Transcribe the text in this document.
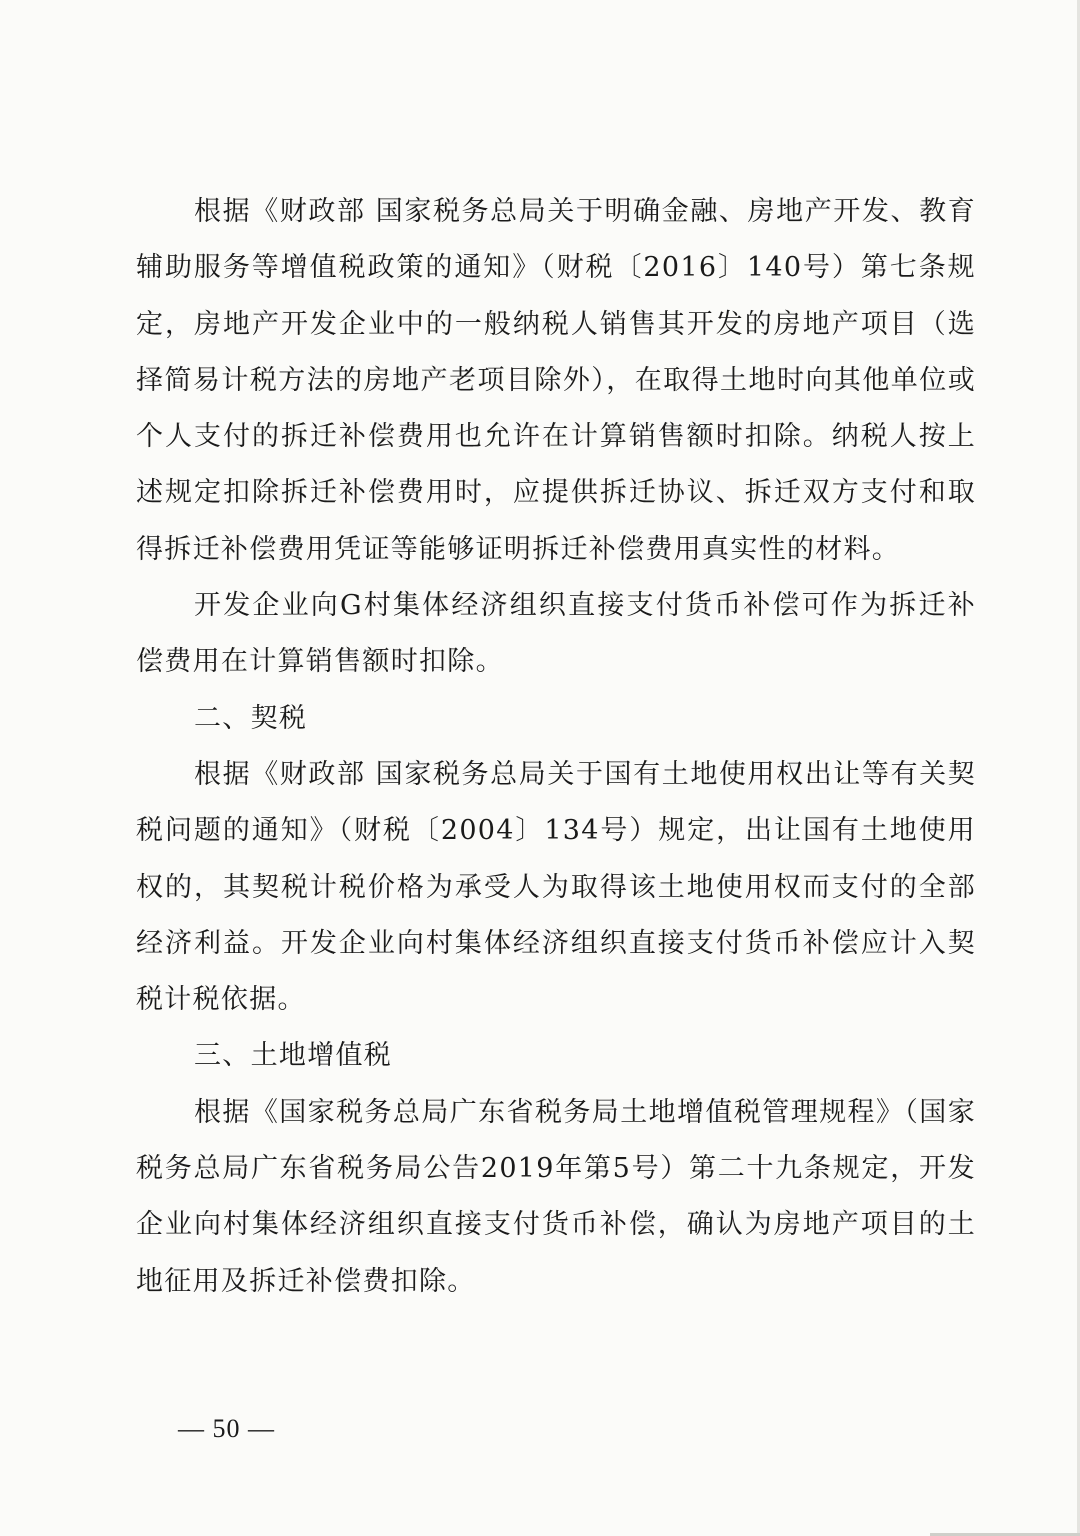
根据《财政部 国家税务总局关于明确金融、房地产开发、教育辅助服务等增值税政策的通知》（财税〔2016〕140号）第七条规定，房地产开发企业中的一般纳税人销售其开发的房地产项目（选择简易计税方法的房地产老项目除外），在取得土地时向其他单位或个人支付的拆迁补偿费用也允许在计算销售额时扣除。纳税人按上述规定扣除拆迁补偿费用时，应提供拆迁协议、拆迁双方支付和取得拆迁补偿费用凭证等能够证明拆迁补偿费用真实性的材料。

开发企业向G村集体经济组织直接支付货币补偿可作为拆迁补偿费用在计算销售额时扣除。

二、契税

根据《财政部 国家税务总局关于国有土地使用权出让等有关契税问题的通知》（财税〔2004〕134号）规定，出让国有土地使用权的，其契税计税价格为承受人为取得该土地使用权而支付的全部经济利益。开发企业向村集体经济组织直接支付货币补偿应计入契税计税依据。

三、土地增值税

根据《国家税务总局广东省税务局土地增值税管理规程》（国家税务总局广东省税务局公告2019年第5号）第二十九条规定，开发企业向村集体经济组织直接支付货币补偿，确认为房地产项目的土地征用及拆迁补偿费扣除。

— 50 —
